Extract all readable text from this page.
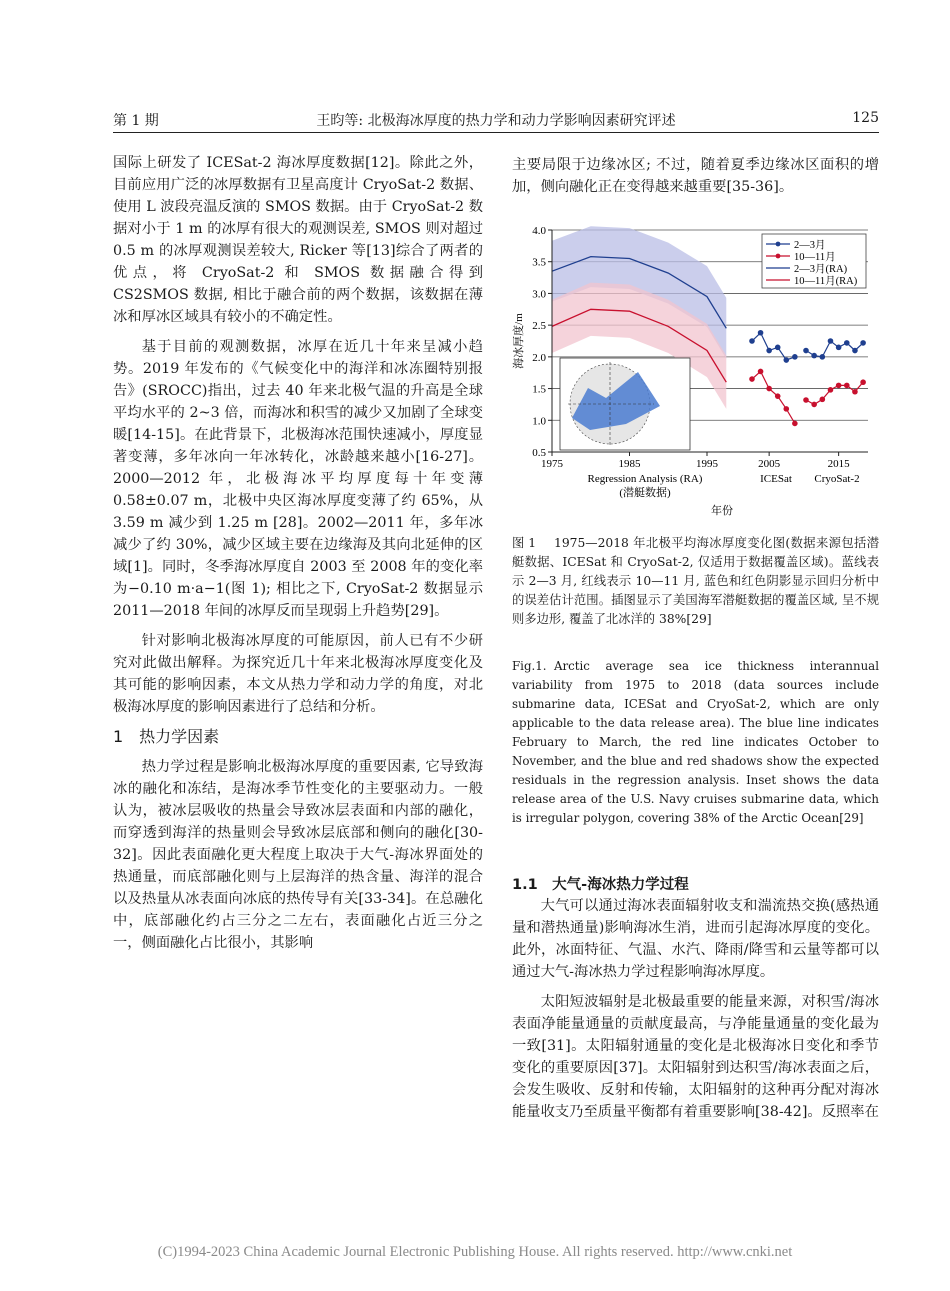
第 1 期	王昀等: 北极海冰厚度的热力学和动力学影响因素研究评述	125

国际上研发了 ICESat-2 海冰厚度数据[12]。除此之外，目前应用广泛的冰厚数据有卫星高度计 CryoSat-2 数据、使用 L 波段亮温反演的 SMOS 数据。由于 CryoSat-2 数据对小于 1 m 的冰厚有很大的观测误差, SMOS 则对超过 0.5 m 的冰厚观测误差较大, Ricker 等[13]综合了两者的优点，将 CryoSat-2 和 SMOS 数据融合得到 CS2SMOS 数据, 相比于融合前的两个数据，该数据在薄冰和厚冰区域具有较小的不确定性。

基于目前的观测数据，冰厚在近几十年来呈减小趋势。2019 年发布的《气候变化中的海洋和冰冻圈特别报告》(SROCC)指出，过去 40 年来北极气温的升高是全球平均水平的 2~3 倍，而海冰和积雪的减少又加剧了全球变暖[14-15]。在此背景下，北极海冰范围快速减小，厚度显著变薄，多年冰向一年冰转化，冰龄越来越小[16-27]。2000—2012 年，北极海冰平均厚度每十年变薄 0.58±0.07 m，北极中央区海冰厚度变薄了约 65%，从 3.59 m 减少到 1.25 m [28]。2002—2011 年，多年冰减少了约 30%，减少区域主要在边缘海及其向北延伸的区域[1]。同时，冬季海冰厚度自 2003 至 2008 年的变化率为−0.10 m·a−1(图 1); 相比之下, CryoSat-2 数据显示 2011—2018 年间的冰厚反而呈现弱上升趋势[29]。

针对影响北极海冰厚度的可能原因，前人已有不少研究对此做出解释。为探究近几十年来北极海冰厚度变化及其可能的影响因素，本文从热力学和动力学的角度，对北极海冰厚度的影响因素进行了总结和分析。

1　热力学因素

热力学过程是影响北极海冰厚度的重要因素, 它导致海冰的融化和冻结，是海冰季节性变化的主要驱动力。一般认为，被冰层吸收的热量会导致冰层表面和内部的融化，而穿透到海洋的热量则会导致冰层底部和侧向的融化[30-32]。因此表面融化更大程度上取决于大气-海冰界面处的热通量，而底部融化则与上层海洋的热含量、海洋的混合以及热量从冰表面向冰底的热传导有关[33-34]。在总融化中，底部融化约占三分之二左右，表面融化占近三分之一，侧面融化占比很小，其影响

主要局限于边缘冰区; 不过，随着夏季边缘冰区面积的增加，侧向融化正在变得越来越重要[35-36]。

4.0
3.5
3.0
2.5
2.0
1.5
1.0
0.5
1975	1985	1995	2005	2015
海冰厚度/m
Regression Analysis (RA)
(潜艇数据)
ICESat CryoSat-2
年份
2—3月
10—11月
2—3月(RA)
10—11月(RA)
图 1 1975—2018 年北极平均海冰厚度变化图(数据来源包括潜艇数据、ICESat 和 CryoSat-2, 仅适用于数据覆盖区域)。蓝线表示 2—3 月, 红线表示 10—11 月, 蓝色和红色阴影显示回归分析中的误差估计范围。插图显示了美国海军潜艇数据的覆盖区域, 呈不规则多边形, 覆盖了北冰洋的 38%[29]
Fig.1. Arctic average sea ice thickness interannual variability from 1975 to 2018 (data sources include submarine data, ICESat and CryoSat-2, which are only applicable to the data release area). The blue line indicates February to March, the red line indicates October to November, and the blue and red shadows show the expected residuals in the regression analysis. Inset shows the data release area of the U.S. Navy cruises submarine data, which is irregular polygon, covering 38% of the Arctic Ocean[29]
1.1　大气-海冰热力学过程

大气可以通过海冰表面辐射收支和湍流热交换(感热通量和潜热通量)影响海冰生消，进而引起海冰厚度的变化。此外，冰面特征、气温、水汽、降雨/降雪和云量等都可以通过大气-海冰热力学过程影响海冰厚度。

太阳短波辐射是北极最重要的能量来源，对积雪/海冰表面净能量通量的贡献度最高，与净能量通量的变化最为一致[31]。太阳辐射通量的变化是北极海冰日变化和季节变化的重要原因[37]。太阳辐射到达积雪/海冰表面之后，会发生吸收、反射和传输，太阳辐射的这种再分配对海冰能量收支乃至质量平衡都有着重要影响[38-42]。反照率在

(C)1994-2023 China Academic Journal Electronic Publishing House. All rights reserved. http://www.cnki.net
